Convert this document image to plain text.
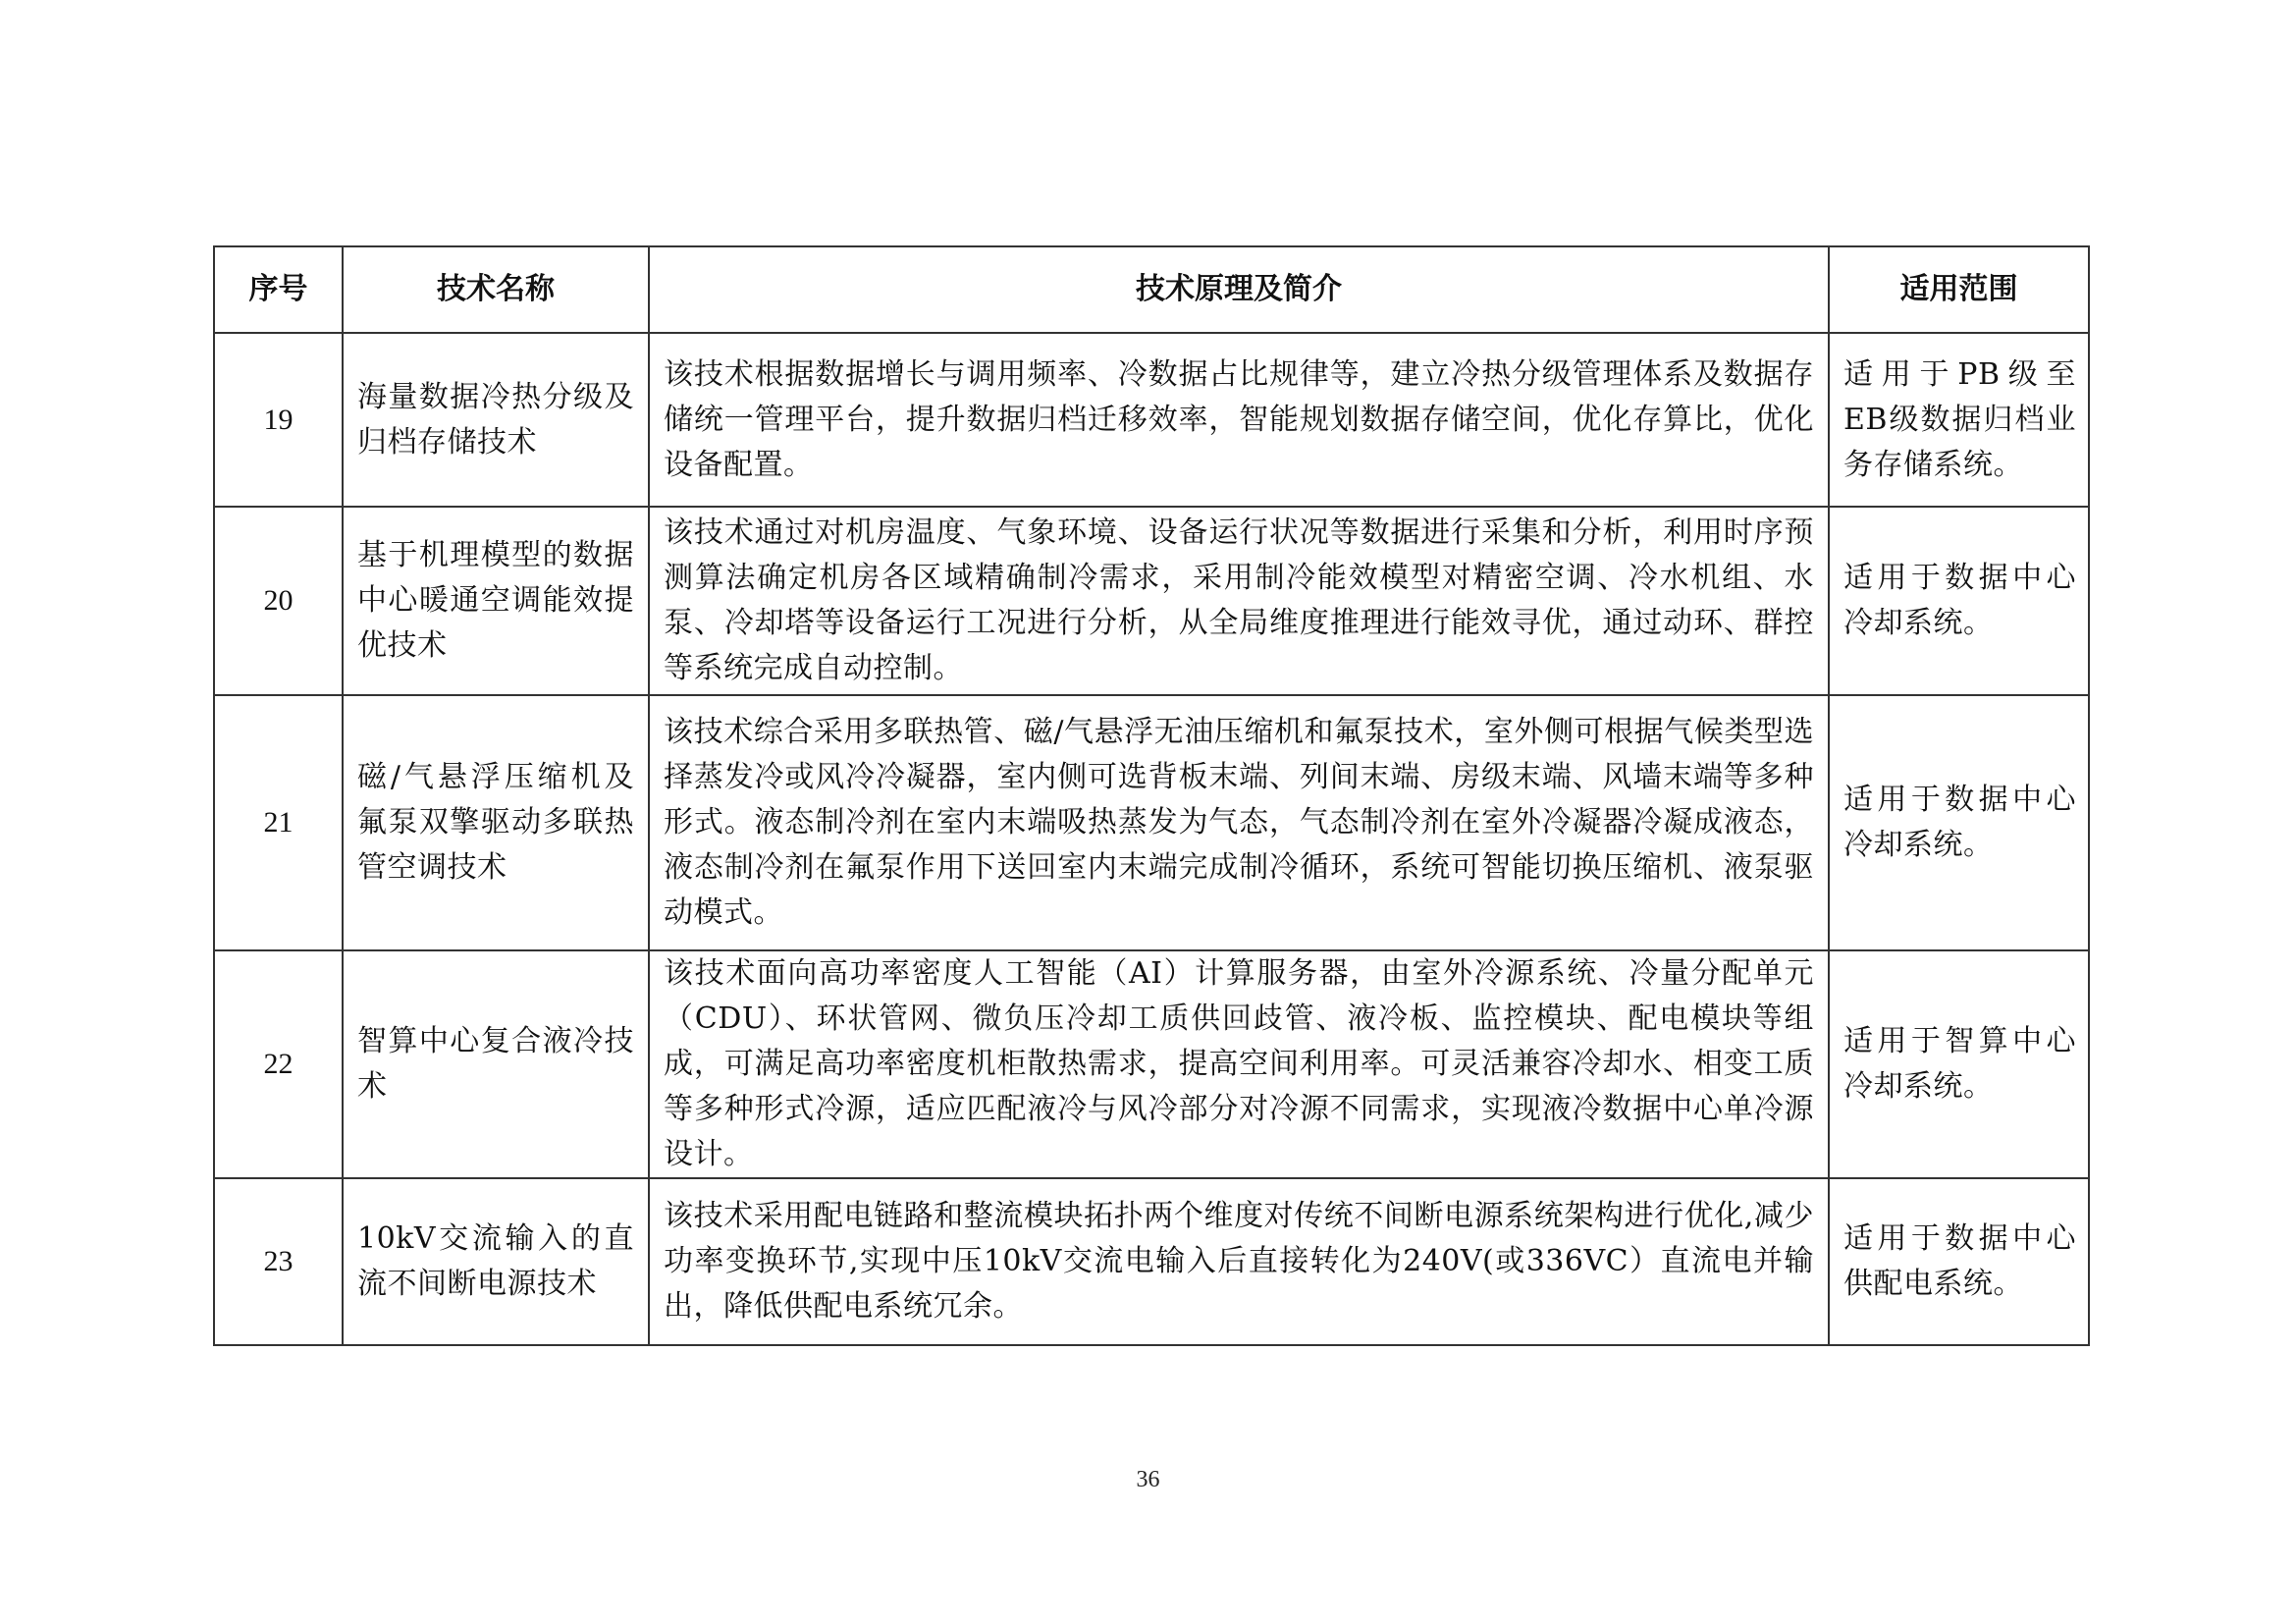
序号	技术名称	技术原理及简介	适用范围
19	海量数据冷热分级及归档存储技术	该技术根据数据增长与调用频率、冷数据占比规律等，建立冷热分级管理体系及数据存储统一管理平台，提升数据归档迁移效率，智能规划数据存储空间，优化存算比，优化设备配置。	适用于PB级至EB级数据归档业务存储系统。

20	基于机理模型的数据中心暖通空调能效提优技术	该技术通过对机房温度、气象环境、设备运行状况等数据进行采集和分析，利用时序预测算法确定机房各区域精确制冷需求，采用制冷能效模型对精密空调、冷水机组、水泵、冷却塔等设备运行工况进行分析，从全局维度推理进行能效寻优，通过动环、群控等系统完成自动控制。	适用于数据中心冷却系统。

21	磁/气悬浮压缩机及氟泵双擎驱动多联热管空调技术	该技术综合采用多联热管、磁/气悬浮无油压缩机和氟泵技术，室外侧可根据气候类型选择蒸发冷或风冷冷凝器，室内侧可选背板末端、列间末端、房级末端、风墙末端等多种形式。液态制冷剂在室内末端吸热蒸发为气态，气态制冷剂在室外冷凝器冷凝成液态，液态制冷剂在氟泵作用下送回室内末端完成制冷循环，系统可智能切换压缩机、液泵驱动模式。	适用于数据中心冷却系统。

22	智算中心复合液冷技术	该技术面向高功率密度人工智能（AI）计算服务器，由室外冷源系统、冷量分配单元（CDU）、环状管网、微负压冷却工质供回歧管、液冷板、监控模块、配电模块等组成，可满足高功率密度机柜散热需求，提高空间利用率。可灵活兼容冷却水、相变工质等多种形式冷源，适应匹配液冷与风冷部分对冷源不同需求，实现液冷数据中心单冷源设计。	适用于智算中心冷却系统。

23	10kV交流输入的直流不间断电源技术	该技术采用配电链路和整流模块拓扑两个维度对传统不间断电源系统架构进行优化,减少功率变换环节,实现中压10kV交流电输入后直接转化为240V(或336VC）直流电并输出，降低供配电系统冗余。	适用于数据中心供配电系统。
36
